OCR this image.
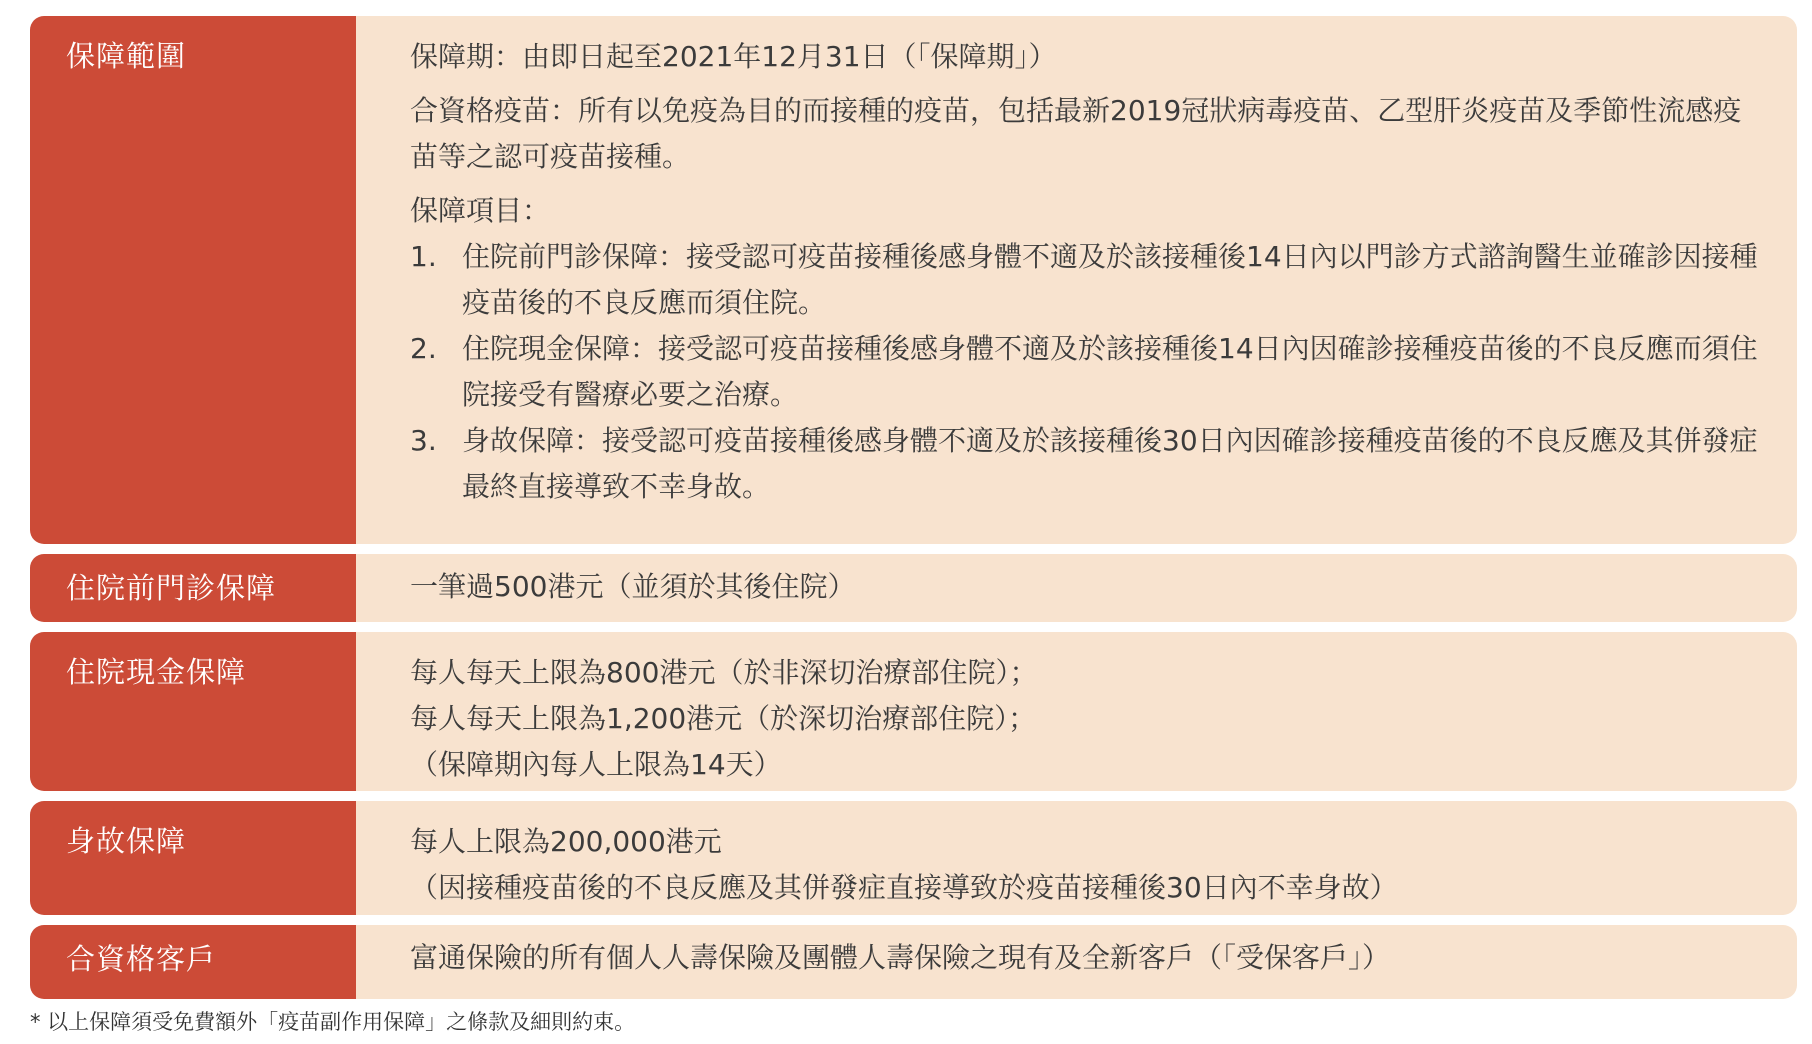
保障範圍	保障期：由即日起至2021年12月31日（「保障期」）

合資格疫苗：所有以免疫為目的而接種的疫苗，包括最新2019冠狀病毒疫苗、乙型肝炎疫苗及季節性流感疫苗等之認可疫苗接種。

保障項目：

1. 住院前門診保障：接受認可疫苗接種後感身體不適及於該接種後14日內以門診方式諮詢醫生並確診因接種疫苗後的不良反應而須住院。
2. 住院現金保障：接受認可疫苗接種後感身體不適及於該接種後14日內因確診接種疫苗後的不良反應而須住院接受有醫療必要之治療。
3. 身故保障：接受認可疫苗接種後感身體不適及於該接種後30日內因確診接種疫苗後的不良反應及其併發症最終直接導致不幸身故。
住院前門診保障	一筆過500港元（並須於其後住院）

住院現金保障	每人每天上限為800港元（於非深切治療部住院）；

每人每天上限為1,200港元（於深切治療部住院）；

（保障期內每人上限為14天）

身故保障	每人上限為200,000港元

（因接種疫苗後的不良反應及其併發症直接導致於疫苗接種後30日內不幸身故）

合資格客戶	富通保險的所有個人人壽保險及團體人壽保險之現有及全新客戶（「受保客戶」）

* 以上保障須受免費額外「疫苗副作用保障」之條款及細則約束。
